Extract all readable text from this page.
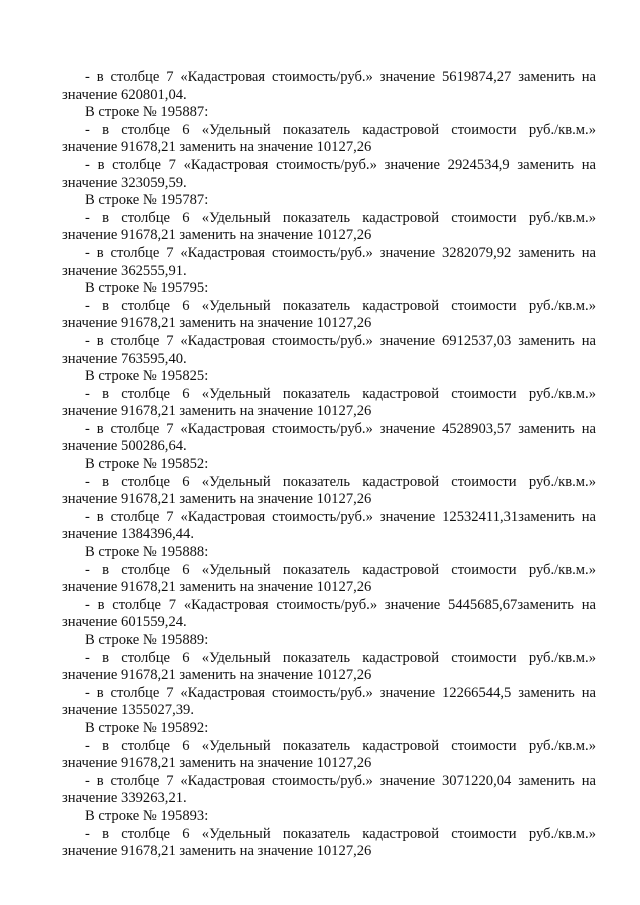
- в столбце 7 «Кадастровая стоимость/руб.» значение 5619874,27 заменить на
значение 620801,04.
В строке № 195887:
- в столбце 6 «Удельный показатель кадастровой стоимости руб./кв.м.»
значение 91678,21 заменить на значение 10127,26
- в столбце 7 «Кадастровая стоимость/руб.» значение 2924534,9 заменить на
значение 323059,59.
В строке № 195787:
- в столбце 6 «Удельный показатель кадастровой стоимости руб./кв.м.»
значение 91678,21 заменить на значение 10127,26
- в столбце 7 «Кадастровая стоимость/руб.» значение 3282079,92 заменить на
значение 362555,91.
В строке № 195795:
- в столбце 6 «Удельный показатель кадастровой стоимости руб./кв.м.»
значение 91678,21 заменить на значение 10127,26
- в столбце 7 «Кадастровая стоимость/руб.» значение 6912537,03 заменить на
значение 763595,40.
В строке № 195825:
- в столбце 6 «Удельный показатель кадастровой стоимости руб./кв.м.»
значение 91678,21 заменить на значение 10127,26
- в столбце 7 «Кадастровая стоимость/руб.» значение 4528903,57 заменить на
значение 500286,64.
В строке № 195852:
- в столбце 6 «Удельный показатель кадастровой стоимости руб./кв.м.»
значение 91678,21 заменить на значение 10127,26
- в столбце 7 «Кадастровая стоимость/руб.» значение 12532411,31заменить на
значение 1384396,44.
В строке № 195888:
- в столбце 6 «Удельный показатель кадастровой стоимости руб./кв.м.»
значение 91678,21 заменить на значение 10127,26
- в столбце 7 «Кадастровая стоимость/руб.» значение 5445685,67заменить на
значение 601559,24.
В строке № 195889:
- в столбце 6 «Удельный показатель кадастровой стоимости руб./кв.м.»
значение 91678,21 заменить на значение 10127,26
- в столбце 7 «Кадастровая стоимость/руб.» значение 12266544,5 заменить на
значение 1355027,39.
В строке № 195892:
- в столбце 6 «Удельный показатель кадастровой стоимости руб./кв.м.»
значение 91678,21 заменить на значение 10127,26
- в столбце 7 «Кадастровая стоимость/руб.» значение 3071220,04 заменить на
значение 339263,21.
В строке № 195893:
- в столбце 6 «Удельный показатель кадастровой стоимости руб./кв.м.»
значение 91678,21 заменить на значение 10127,26
